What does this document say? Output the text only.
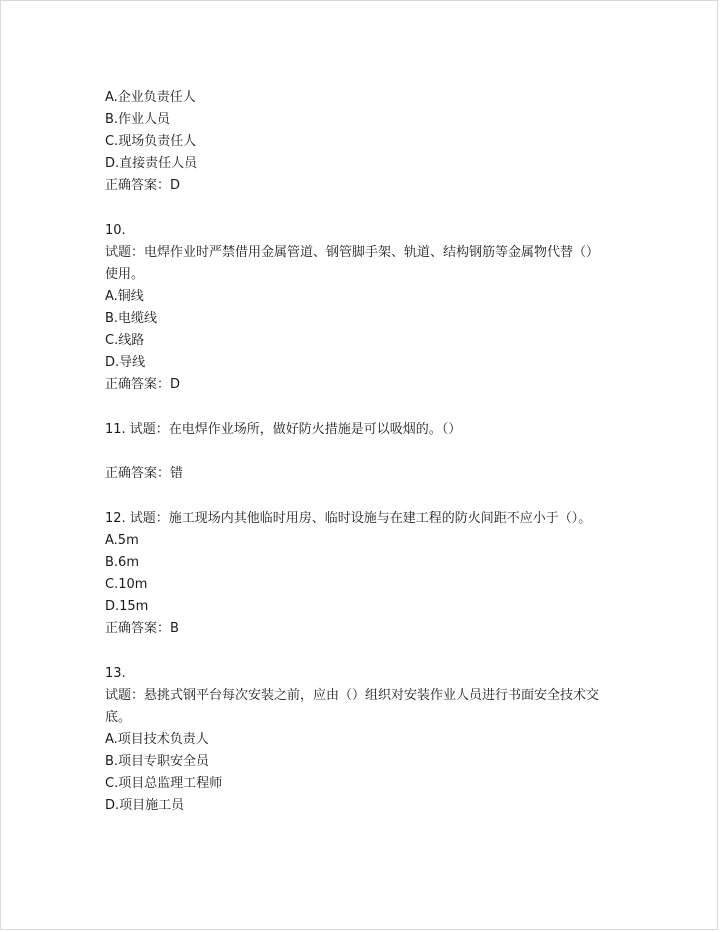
A.企业负责任人
B.作业人员
C.现场负责任人
D.直接责任人员
正确答案：D
10.
试题：电焊作业时严禁借用金属管道、钢管脚手架、轨道、结构钢筋等金属物代替（）使用。
A.铜线
B.电缆线
C.线路
D.导线
正确答案：D
11. 试题：在电焊作业场所，做好防火措施是可以吸烟的。（）
正确答案：错
12. 试题：施工现场内其他临时用房、临时设施与在建工程的防火间距不应小于（）。
A.5m
B.6m
C.10m
D.15m
正确答案：B
13.
试题：悬挑式钢平台每次安装之前，应由（）组织对安装作业人员进行书面安全技术交底。
A.项目技术负责人
B.项目专职安全员
C.项目总监理工程师
D.项目施工员
